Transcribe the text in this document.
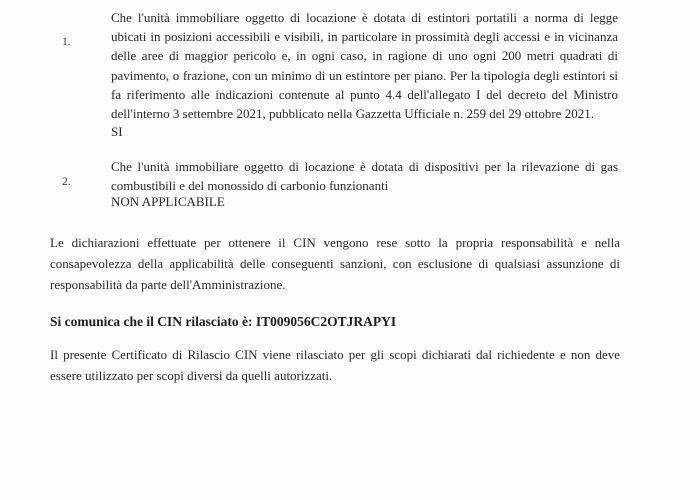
1.
Che l'unità immobiliare oggetto di locazione è dotata di estintori portatili a norma di legge ubicati in posizioni accessibili e visibili, in particolare in prossimità degli accessi e in vicinanza delle aree di maggior pericolo e, in ogni caso, in ragione di uno ogni 200 metri quadrati di pavimento, o frazione, con un minimo di un estintore per piano. Per la tipologia degli estintori si fa riferimento alle indicazioni contenute al punto 4.4 dell'allegato I del decreto del Ministro dell'interno 3 settembre 2021, pubblicato nella Gazzetta Ufficiale n. 259 del 29 ottobre 2021.
SI
2.
Che l'unità immobiliare oggetto di locazione è dotata di dispositivi per la rilevazione di gas combustibili e del monossido di carbonio funzionanti
NON APPLICABILE
Le dichiarazioni effettuate per ottenere il CIN vengono rese sotto la propria responsabilità e nella consapevolezza della applicabilità delle conseguenti sanzioni, con esclusione di qualsiasi assunzione di responsabilità da parte dell'Amministrazione.
Si comunica che il CIN rilasciato è: IT009056C2OTJRAPYI
Il presente Certificato di Rilascio CIN viene rilasciato per gli scopi dichiarati dal richiedente e non deve essere utilizzato per scopi diversi da quelli autorizzati.
